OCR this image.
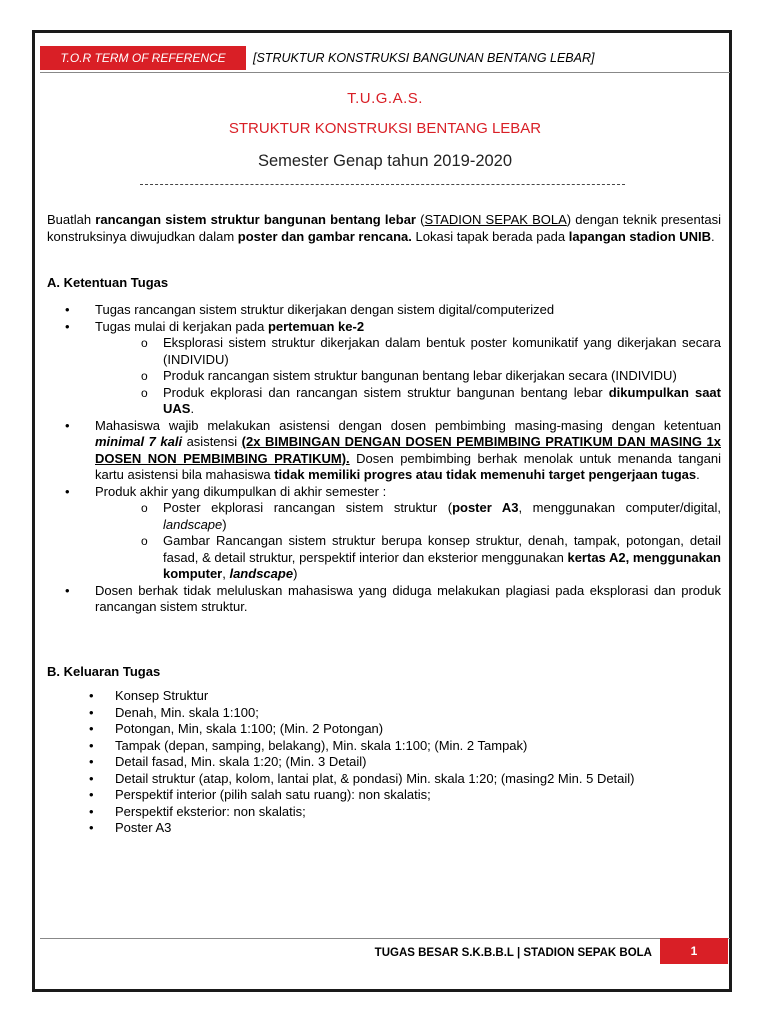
T.O.R TERM OF REFERENCE	[STRUKTUR KONSTRUKSI BANGUNAN BENTANG LEBAR]
T.U.G.A.S.
STRUKTUR KONSTRUKSI BENTANG LEBAR
Semester Genap tahun 2019-2020
Buatlah rancangan sistem struktur bangunan bentang lebar (STADION SEPAK BOLA) dengan teknik presentasi konstruksinya diwujudkan dalam poster dan gambar rencana. Lokasi tapak berada pada lapangan stadion UNIB.
A. Ketentuan Tugas
• Tugas rancangan sistem struktur dikerjakan dengan sistem digital/computerized
• Tugas mulai di kerjakan pada pertemuan ke-2
o Eksplorasi sistem struktur dikerjakan dalam bentuk poster komunikatif yang dikerjakan secara (INDIVIDU)
o Produk rancangan sistem struktur bangunan bentang lebar dikerjakan secara (INDIVIDU)
o Produk ekplorasi dan rancangan sistem struktur bangunan bentang lebar dikumpulkan saat UAS.
• Mahasiswa wajib melakukan asistensi dengan dosen pembimbing masing-masing dengan ketentuan minimal 7 kali asistensi (2x BIMBINGAN DENGAN DOSEN PEMBIMBING PRATIKUM DAN MASING 1x DOSEN NON PEMBIMBING PRATIKUM). Dosen pembimbing berhak menolak untuk menanda tangani kartu asistensi bila mahasiswa tidak memiliki progres atau tidak memenuhi target pengerjaan tugas.
• Produk akhir yang dikumpulkan di akhir semester :
o Poster ekplorasi rancangan sistem struktur (poster A3, menggunakan computer/digital, landscape)
o Gambar Rancangan sistem struktur berupa konsep struktur, denah, tampak, potongan, detail fasad, & detail struktur, perspektif interior dan eksterior menggunakan kertas A2, menggunakan komputer, landscape)
• Dosen berhak tidak meluluskan mahasiswa yang diduga melakukan plagiasi pada eksplorasi dan produk rancangan sistem struktur.
B. Keluaran Tugas
• Konsep Struktur
• Denah, Min. skala 1:100;
• Potongan, Min, skala 1:100; (Min. 2 Potongan)
• Tampak (depan, samping, belakang), Min. skala 1:100; (Min. 2 Tampak)
• Detail fasad, Min. skala 1:20; (Min. 3 Detail)
• Detail struktur (atap, kolom, lantai plat, & pondasi) Min. skala 1:20; (masing2 Min. 5 Detail)
• Perspektif interior (pilih salah satu ruang): non skalatis;
• Perspektif eksterior: non skalatis;
• Poster A3
TUGAS BESAR S.K.B.B.L | STADION SEPAK BOLA	1
